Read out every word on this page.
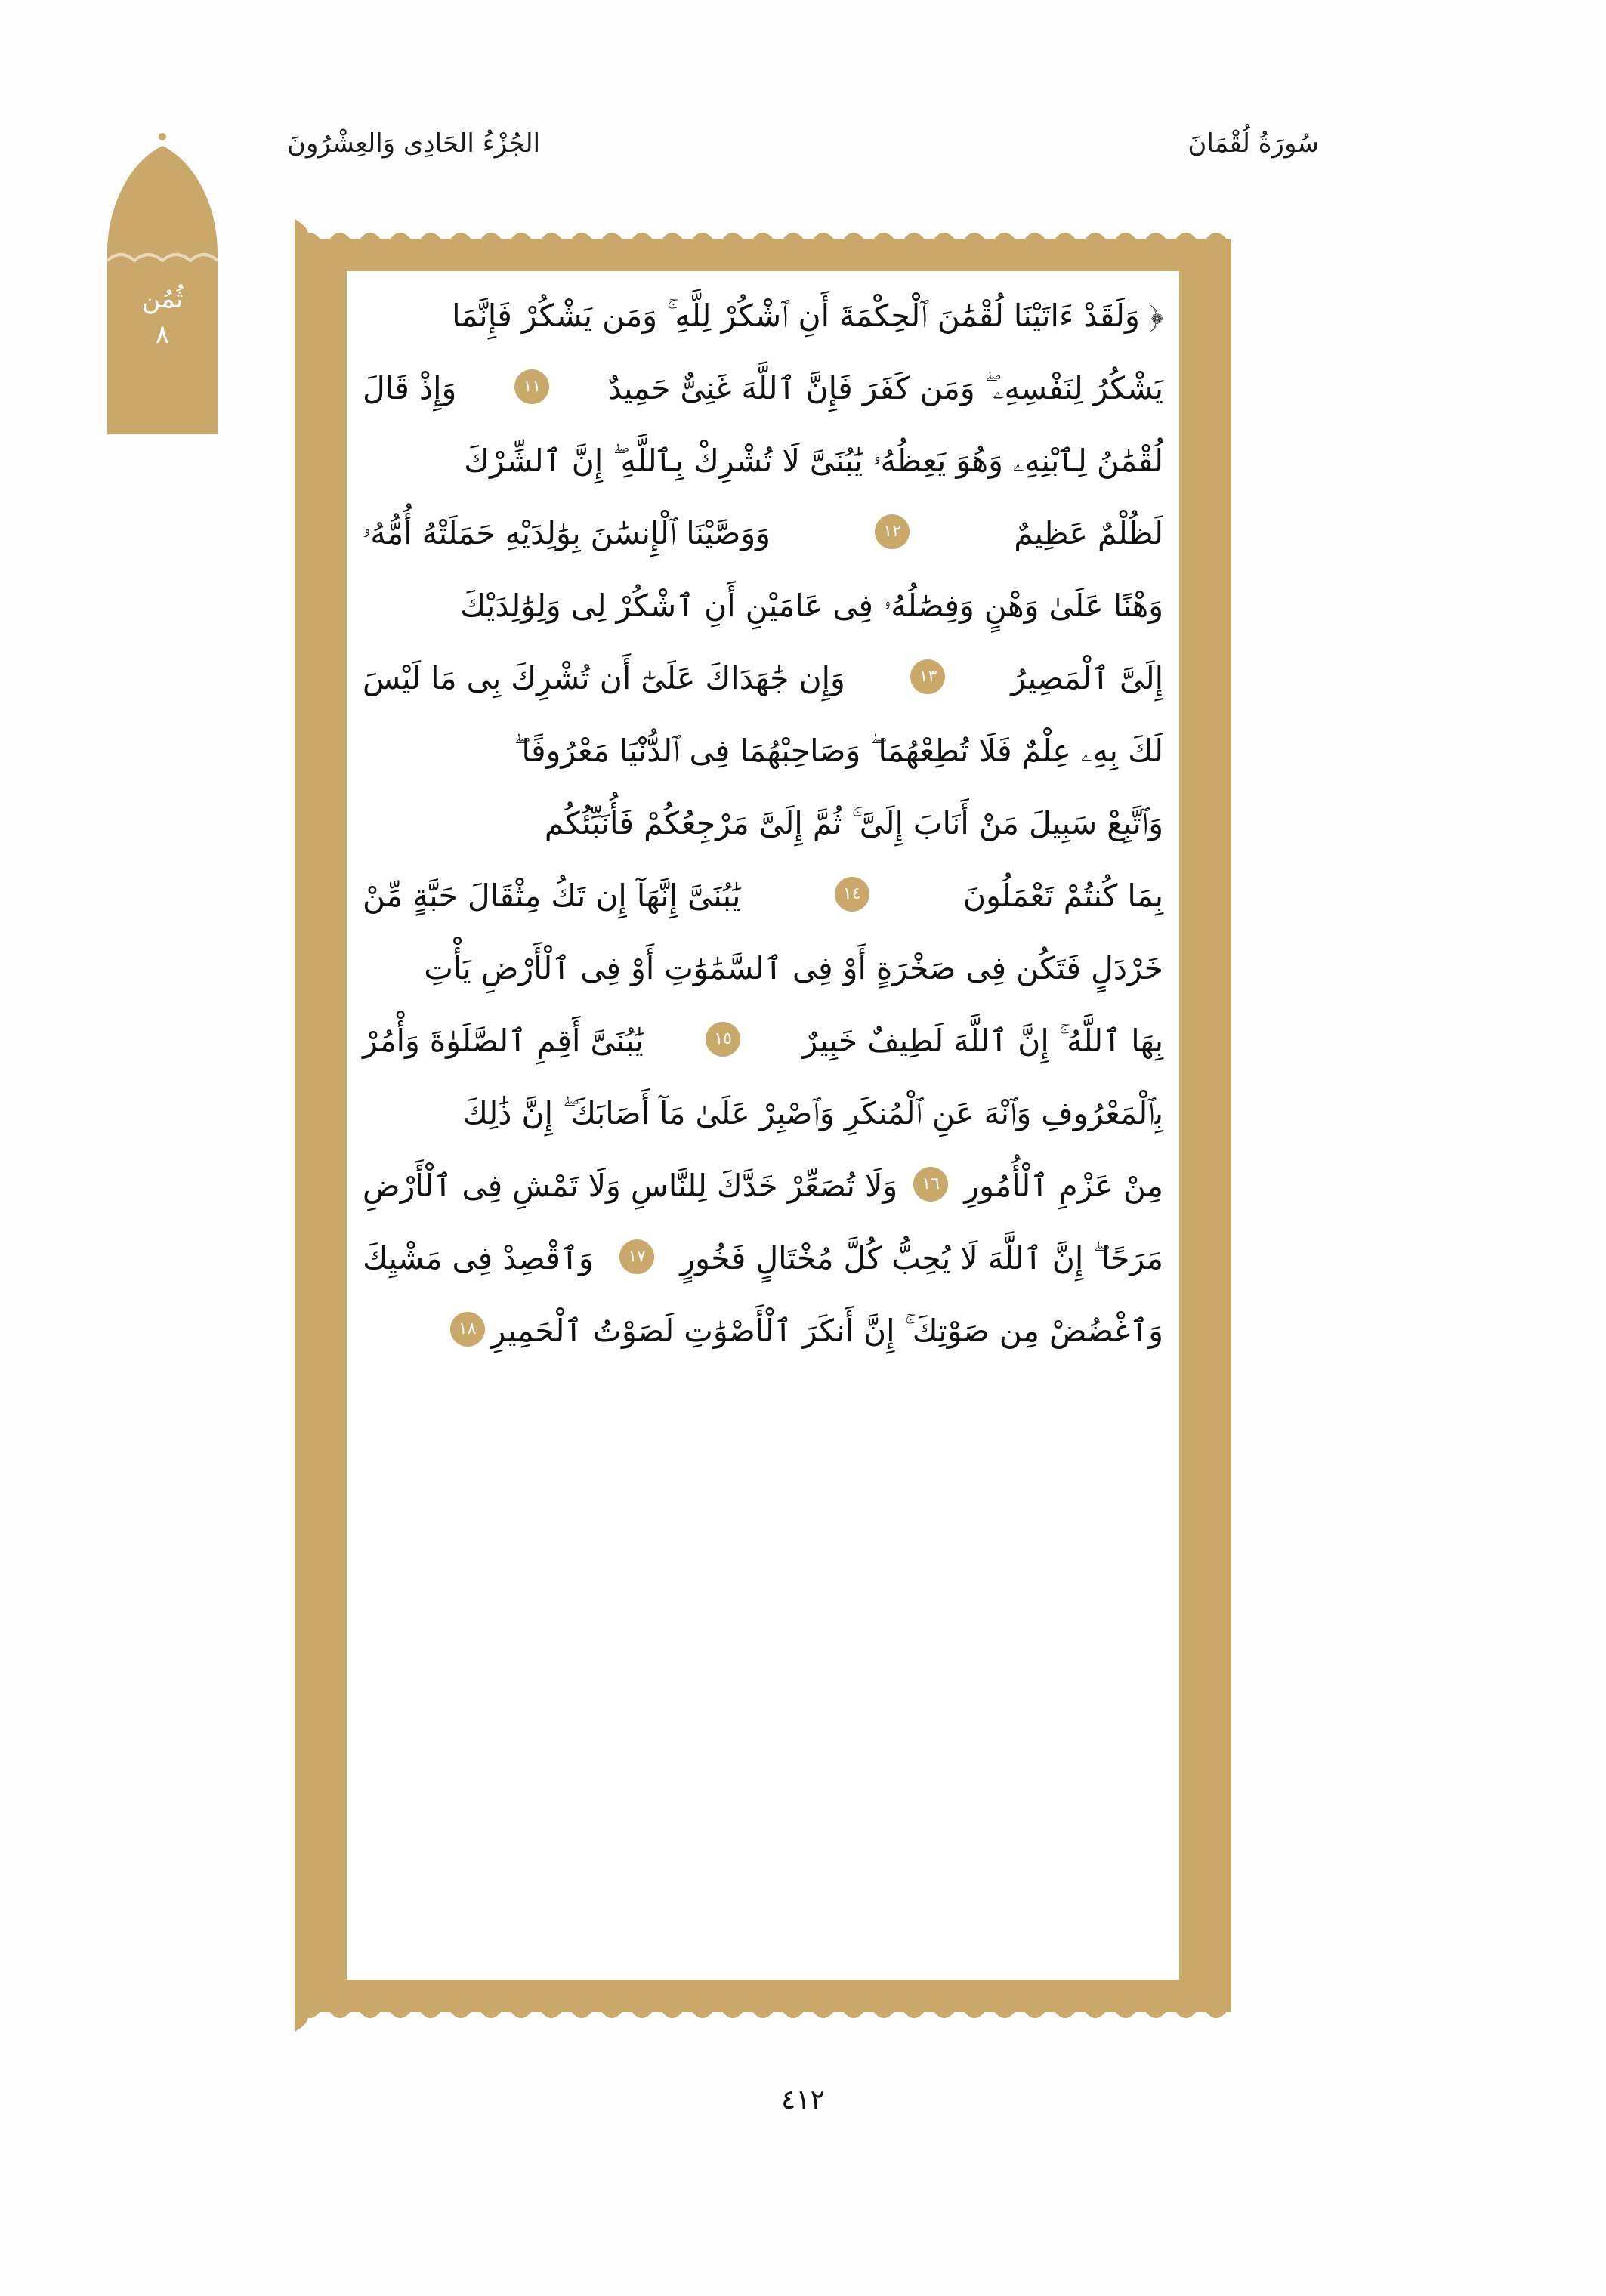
الجُزْءُ الحَادِى وَالعِشْرُونَ	سُورَةُ لُقْمَانَ
ثُمُن
٨
﴿ وَلَقَدْ ءَاتَيْنَا لُقْمَٰنَ ٱلْحِكْمَةَ أَنِ ٱشْكُرْ لِلَّهِ ۚ وَمَن يَشْكُرْ فَإِنَّمَا
يَشْكُرُ لِنَفْسِهِۦ ۖ وَمَن كَفَرَ فَإِنَّ ٱللَّهَ غَنِىٌّ حَمِيدٌ
١١
وَإِذْ قَالَ
لُقْمَٰنُ لِٱبْنِهِۦ وَهُوَ يَعِظُهُۥ يَٰبُنَىَّ لَا تُشْرِكْ بِٱللَّهِ ۖ إِنَّ ٱلشِّرْكَ
لَظُلْمٌ عَظِيمٌ
١٢
وَوَصَّيْنَا ٱلْإِنسَٰنَ بِوَٰلِدَيْهِ حَمَلَتْهُ أُمُّهُۥ
وَهْنًا عَلَىٰ وَهْنٍ وَفِصَٰلُهُۥ فِى عَامَيْنِ أَنِ ٱشْكُرْ لِى وَلِوَٰلِدَيْكَ
إِلَىَّ ٱلْمَصِيرُ
١٣
وَإِن جَٰهَدَاكَ عَلَىٰٓ أَن تُشْرِكَ بِى مَا لَيْسَ
لَكَ بِهِۦ عِلْمٌ فَلَا تُطِعْهُمَا ۖ وَصَاحِبْهُمَا فِى ٱلدُّنْيَا مَعْرُوفًا ۖ
وَٱتَّبِعْ سَبِيلَ مَنْ أَنَابَ إِلَىَّ ۚ ثُمَّ إِلَىَّ مَرْجِعُكُمْ فَأُنَبِّئُكُم
بِمَا كُنتُمْ تَعْمَلُونَ
١٤
يَٰبُنَىَّ إِنَّهَآ إِن تَكُ مِثْقَالَ حَبَّةٍ مِّنْ
خَرْدَلٍ فَتَكُن فِى صَخْرَةٍ أَوْ فِى ٱلسَّمَٰوَٰتِ أَوْ فِى ٱلْأَرْضِ يَأْتِ
بِهَا ٱللَّهُ ۚ إِنَّ ٱللَّهَ لَطِيفٌ خَبِيرٌ
١٥
يَٰبُنَىَّ أَقِمِ ٱلصَّلَوٰةَ وَأْمُرْ
بِٱلْمَعْرُوفِ وَٱنْهَ عَنِ ٱلْمُنكَرِ وَٱصْبِرْ عَلَىٰ مَآ أَصَابَكَ ۖ إِنَّ ذَٰلِكَ
مِنْ عَزْمِ ٱلْأُمُورِ
١٦
وَلَا تُصَعِّرْ خَدَّكَ لِلنَّاسِ وَلَا تَمْشِ فِى ٱلْأَرْضِ
مَرَحًا ۖ إِنَّ ٱللَّهَ لَا يُحِبُّ كُلَّ مُخْتَالٍ فَخُورٍ
١٧
وَٱقْصِدْ فِى مَشْيِكَ
وَٱغْضُضْ مِن صَوْتِكَ ۚ إِنَّ أَنكَرَ ٱلْأَصْوَٰتِ لَصَوْتُ ٱلْحَمِيرِ
١٨
٤١٢
